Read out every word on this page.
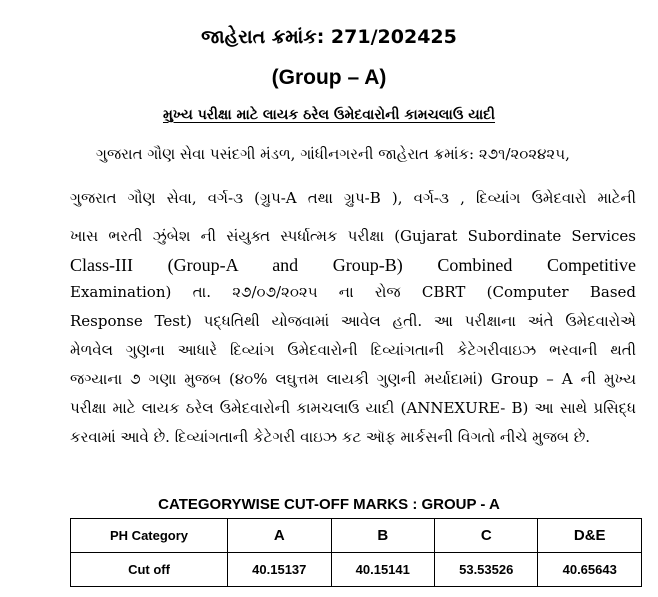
જાહેરાત ક્રમાંક: 271/202425
(Group – A)
મુખ્ય પરીક્ષા માટે લાયક ઠરેલ ઉમેદવારોની કામચલાઉ યાદી
ગુજરાત ગૌણ સેવા પસંદગી મંડળ, ગાંધીનગરની જાહેરાત ક્રમાંક: ૨૭૧/૨૦૨૪૨૫,
ગુજરાત ગૌણ સેવા, વર્ગ-૩ (ગ્રુપ-A તથા ગ્રુપ-B ), વર્ગ-૩ , દિવ્યાંગ ઉમેદવારો માટેની
ખાસ ભરતી ઝુંબેશ ની સંયુક્ત સ્પર્ધાત્મક પરીક્ષા (Gujarat Subordinate Services
Class-III (Group-A and Group-B) Combined Competitive
Examination) તા. ૨૭/૦૭/૨૦૨૫ ના રોજ CBRT (Computer Based
Response Test) પદ્ધતિથી યોજવામાં આવેલ હતી. આ પરીક્ષાના અંતે ઉમેદવારોએ
મેળવેલ ગુણના આધારે દિવ્યાંગ ઉમેદવારોની દિવ્યાંગતાની કેટેગરીવાઇઝ ભરવાની થતી
જગ્યાના ૭ ગણા મુજબ (૪૦% લઘુત્તમ લાયકી ગુણની મર્યાદામાં) Group – A ની મુખ્ય
પરીક્ષા માટે લાયક ઠરેલ ઉમેદવારોની કામચલાઉ યાદી (ANNEXURE- B) આ સાથે પ્રસિદ્ધ
કરવામાં આવે છે. દિવ્યાંગતાની કેટેગરી વાઇઝ કટ ઑફ માર્કસની વિગતો નીચે મુજબ છે.
CATEGORYWISE CUT-OFF MARKS : GROUP - A
PH Category	A	B	C	D&E
Cut off	40.15137	40.15141	53.53526	40.65643
